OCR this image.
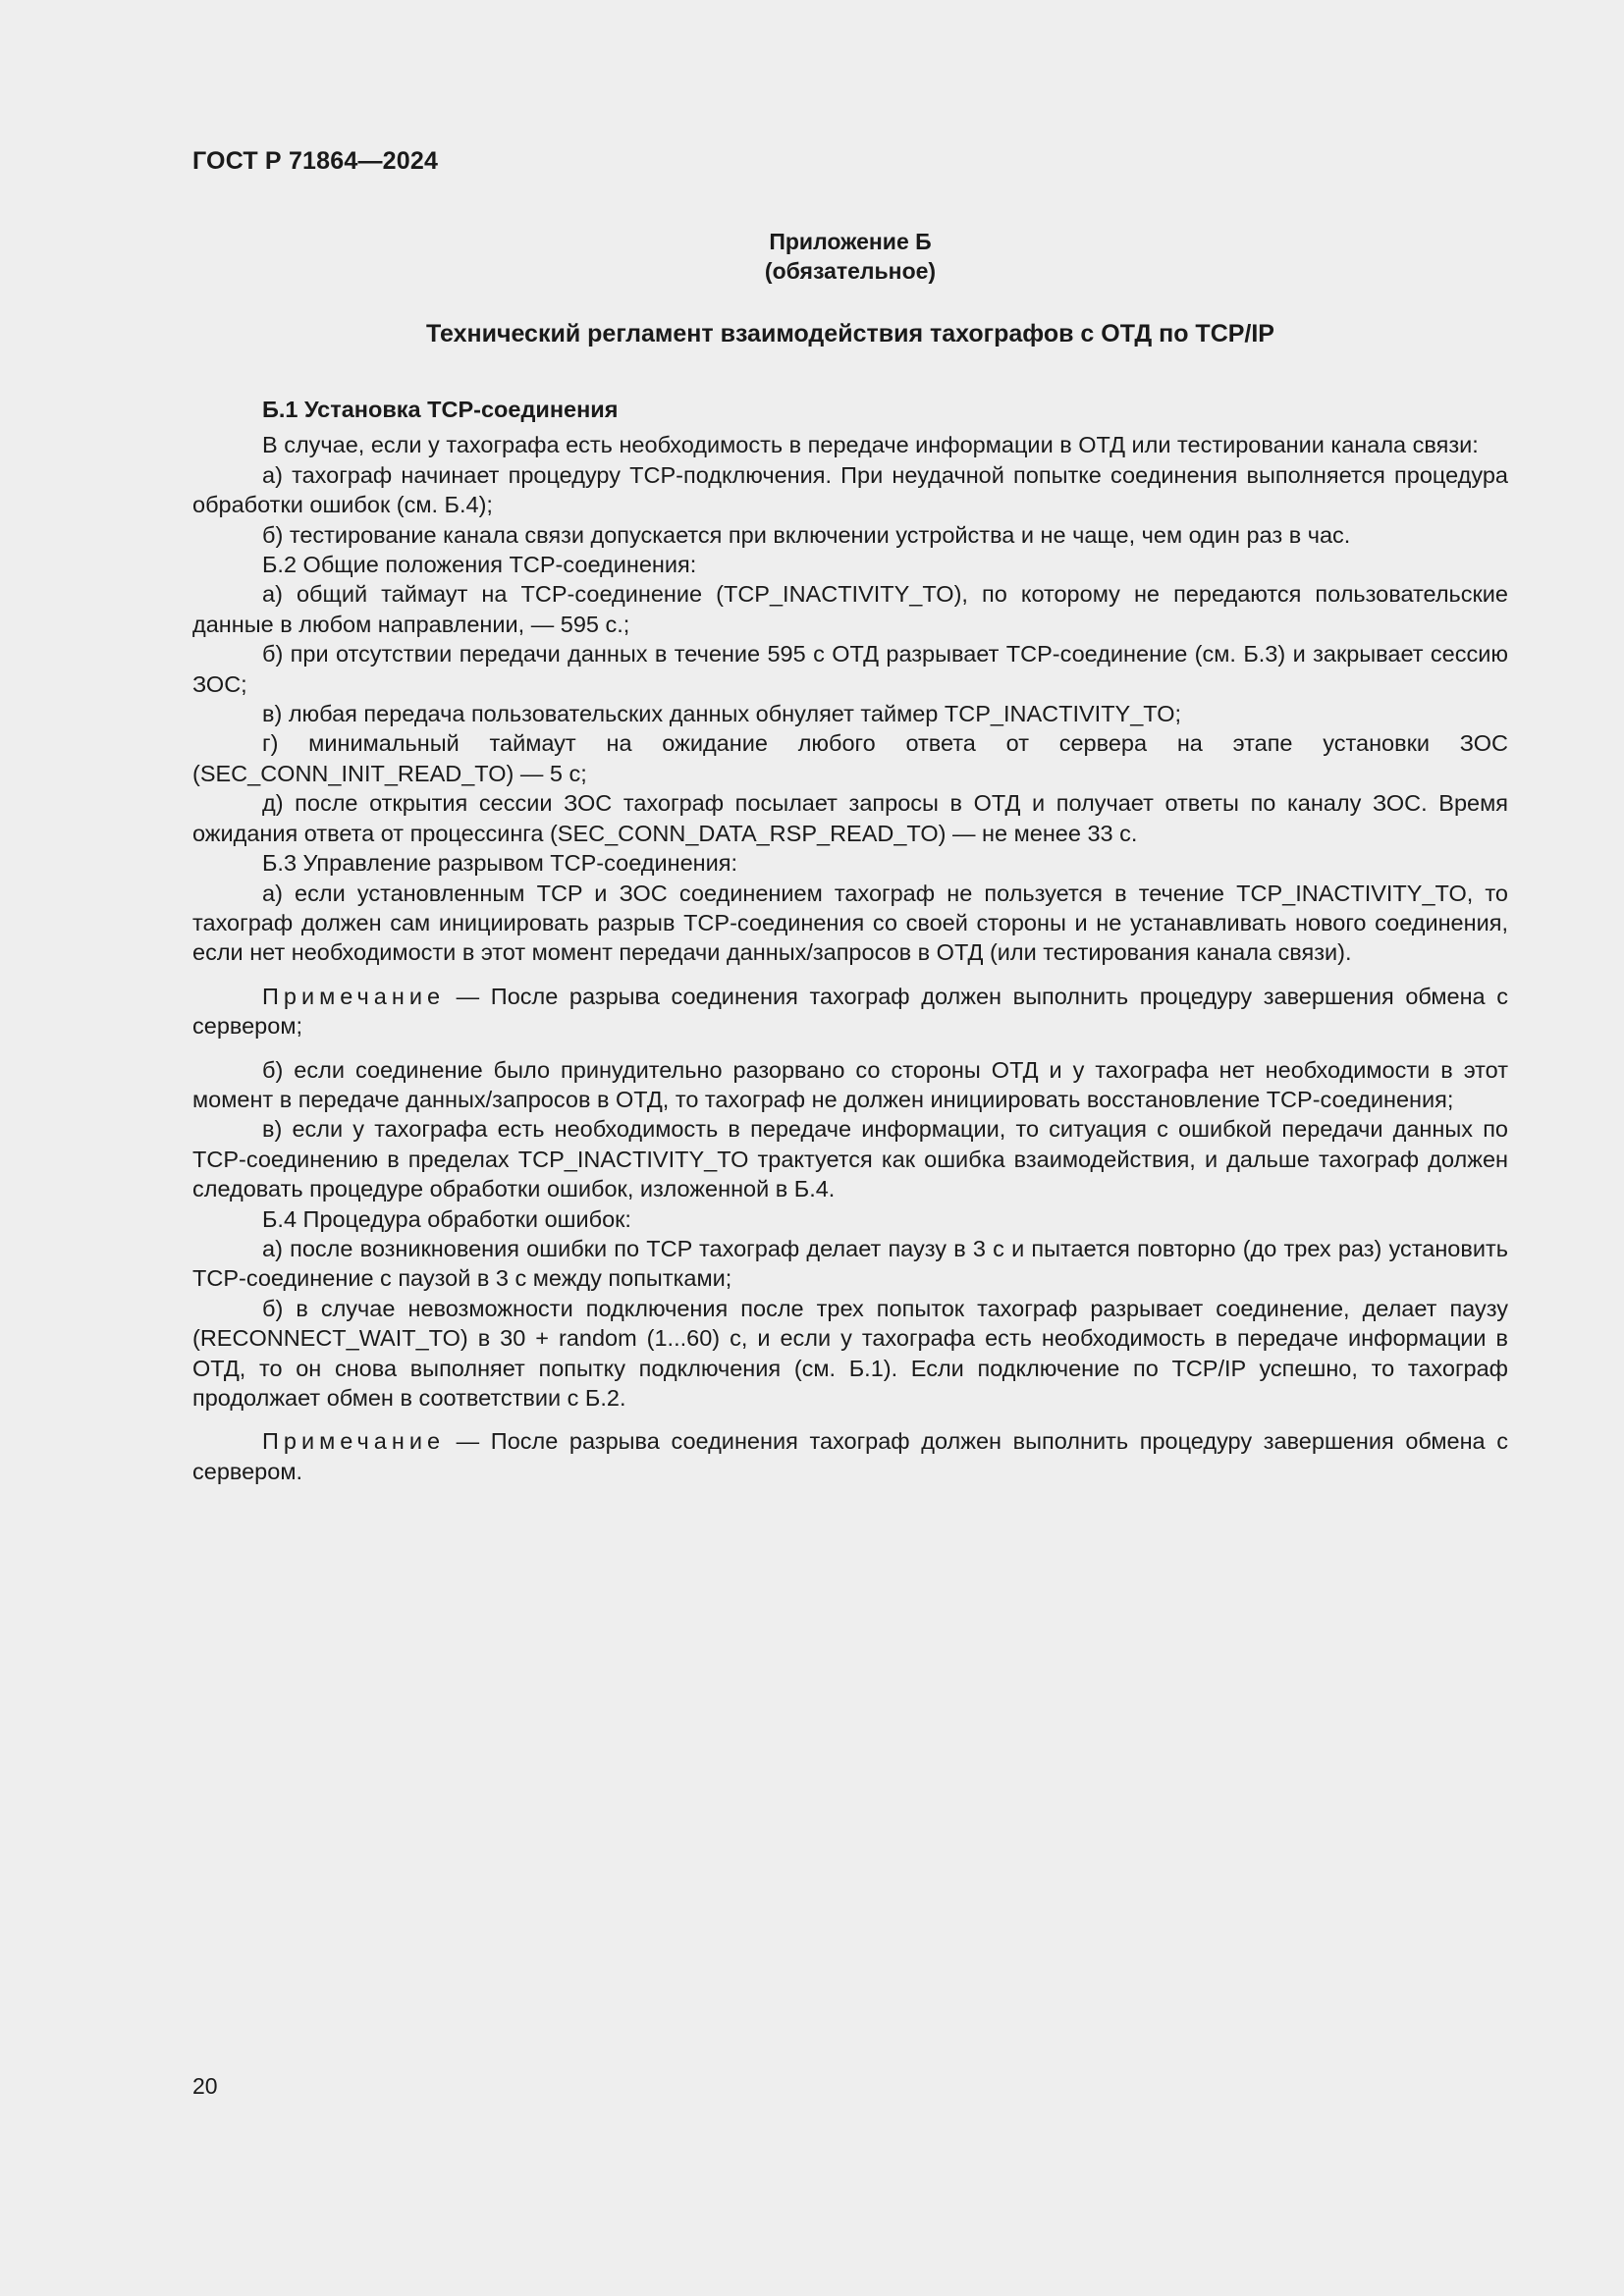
ГОСТ Р 71864—2024
Приложение Б
(обязательное)
Технический регламент взаимодействия тахографов с ОТД по TCP/IP

Б.1 Установка TCP-соединения

В случае, если у тахографа есть необходимость в передаче информации в ОТД или тестировании канала связи:

а) тахограф начинает процедуру TCP-подключения. При неудачной попытке соединения выполняется процедура обработки ошибок (см. Б.4);

б) тестирование канала связи допускается при включении устройства и не чаще, чем один раз в час.

Б.2 Общие положения TCP-соединения:

а) общий таймаут на TCP-соединение (TCP_INACTIVITY_TO), по которому не передаются пользовательские данные в любом направлении, — 595 с.;

б) при отсутствии передачи данных в течение 595 с ОТД разрывает TCP-соединение (см. Б.3) и закрывает сессию ЗОС;

в) любая передача пользовательских данных обнуляет таймер TCP_INACTIVITY_TO;

г) минимальный таймаут на ожидание любого ответа от сервера на этапе установки ЗОС (SEC_CONN_INIT_READ_TO) — 5 с;

д) после открытия сессии ЗОС тахограф посылает запросы в ОТД и получает ответы по каналу ЗОС. Время ожидания ответа от процессинга (SEC_CONN_DATA_RSP_READ_TO) — не менее 33 с.

Б.3 Управление разрывом TCP-соединения:

а) если установленным TCP и ЗОС соединением тахограф не пользуется в течение TCP_INACTIVITY_TO, то тахограф должен сам инициировать разрыв TCP-соединения со своей стороны и не устанавливать нового соединения, если нет необходимости в этот момент передачи данных/запросов в ОТД (или тестирования канала связи).

Примечание — После разрыва соединения тахограф должен выполнить процедуру завершения обмена с сервером;

б) если соединение было принудительно разорвано со стороны ОТД и у тахографа нет необходимости в этот момент в передаче данных/запросов в ОТД, то тахограф не должен инициировать восстановление TCP-соединения;

в) если у тахографа есть необходимость в передаче информации, то ситуация с ошибкой передачи данных по TCP-соединению в пределах TCP_INACTIVITY_TO трактуется как ошибка взаимодействия, и дальше тахограф должен следовать процедуре обработки ошибок, изложенной в Б.4.

Б.4 Процедура обработки ошибок:

а) после возникновения ошибки по TCP тахограф делает паузу в 3 с и пытается повторно (до трех раз) установить TCP-соединение с паузой в 3 с между попытками;

б) в случае невозможности подключения после трех попыток тахограф разрывает соединение, делает паузу (RECONNECT_WAIT_TO) в 30 + random (1...60) с, и если у тахографа есть необходимость в передаче информации в ОТД, то он снова выполняет попытку подключения (см. Б.1). Если подключение по TCP/IP успешно, то тахограф продолжает обмен в соответствии с Б.2.

Примечание — После разрыва соединения тахограф должен выполнить процедуру завершения обмена с сервером.

20
